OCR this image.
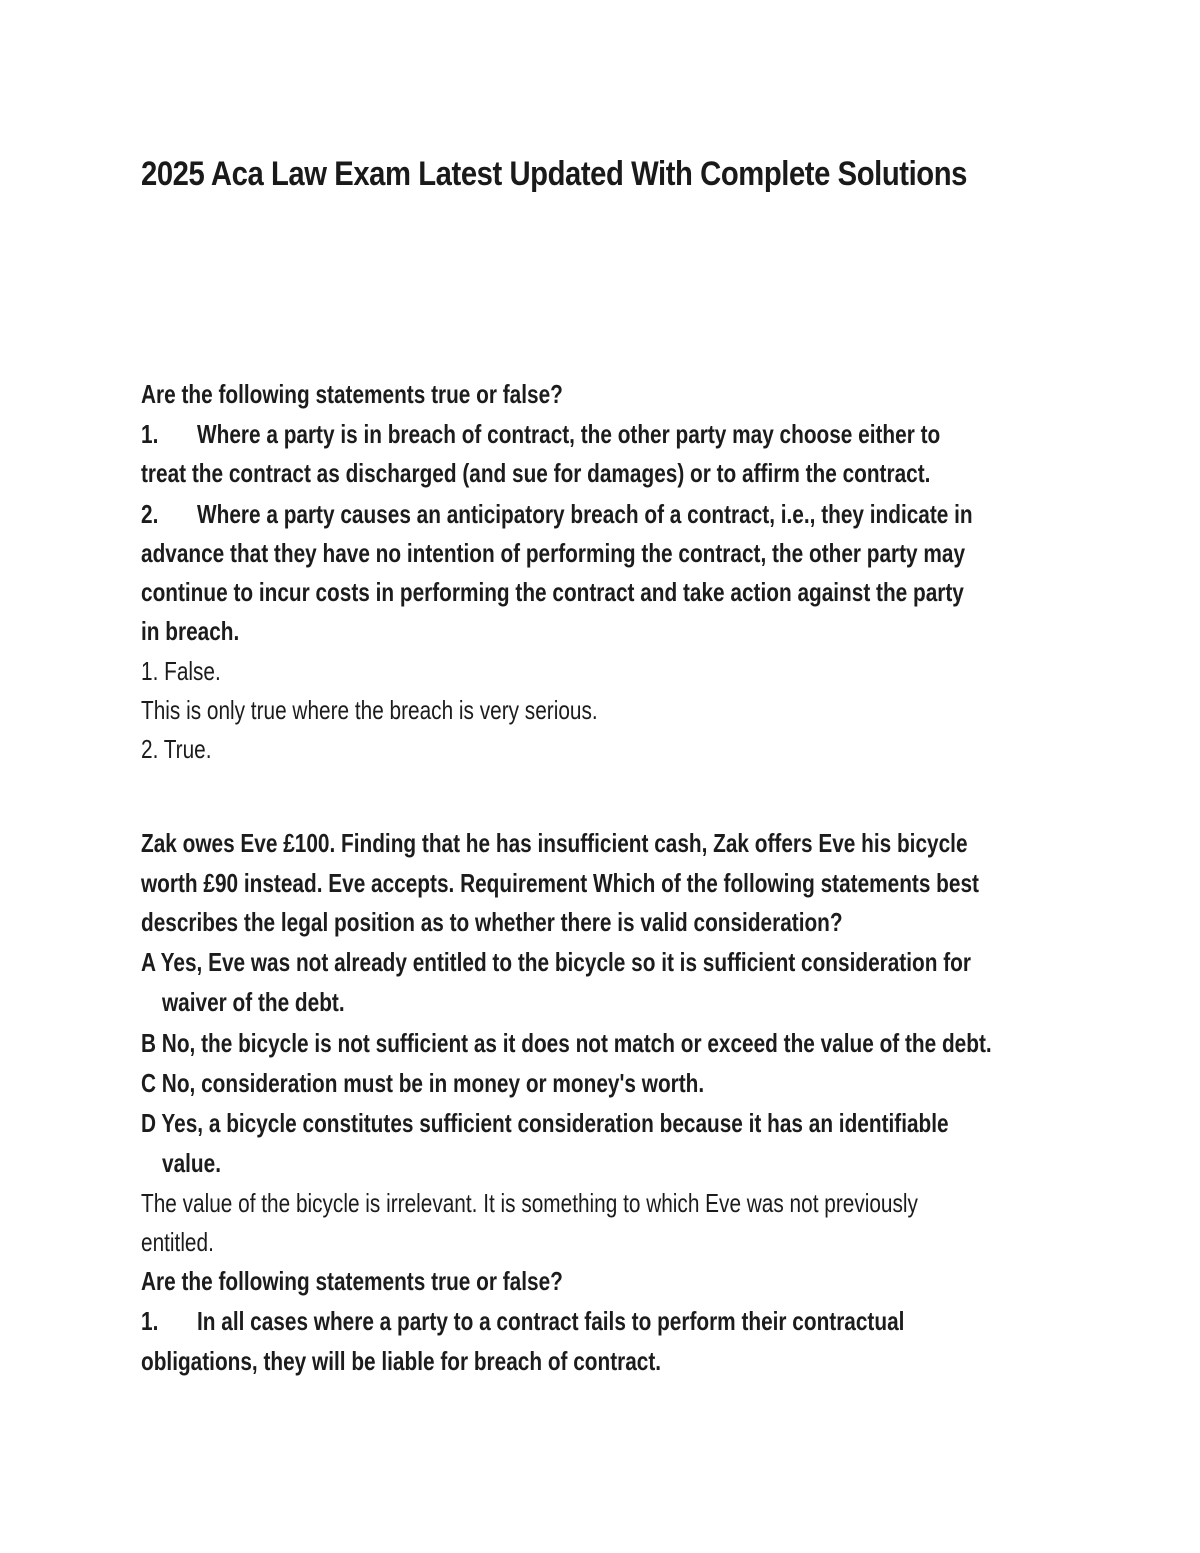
2025 Aca Law Exam Latest Updated With Complete Solutions
Are the following statements true or false?
1. Where a party is in breach of contract, the other party may choose either to
treat the contract as discharged (and sue for damages) or to affirm the contract.
2. Where a party causes an anticipatory breach of a contract, i.e., they indicate in
advance that they have no intention of performing the contract, the other party may
continue to incur costs in performing the contract and take action against the party
in breach.
1. False.
This is only true where the breach is very serious.
2. True.
Zak owes Eve £100. Finding that he has insufficient cash, Zak offers Eve his bicycle
worth £90 instead. Eve accepts. Requirement Which of the following statements best
describes the legal position as to whether there is valid consideration?
A Yes, Eve was not already entitled to the bicycle so it is sufficient consideration for
waiver of the debt.
B No, the bicycle is not sufficient as it does not match or exceed the value of the debt.
C No, consideration must be in money or money's worth.
D Yes, a bicycle constitutes sufficient consideration because it has an identifiable
value.
The value of the bicycle is irrelevant. It is something to which Eve was not previously
entitled.
Are the following statements true or false?
1. In all cases where a party to a contract fails to perform their contractual
obligations, they will be liable for breach of contract.
